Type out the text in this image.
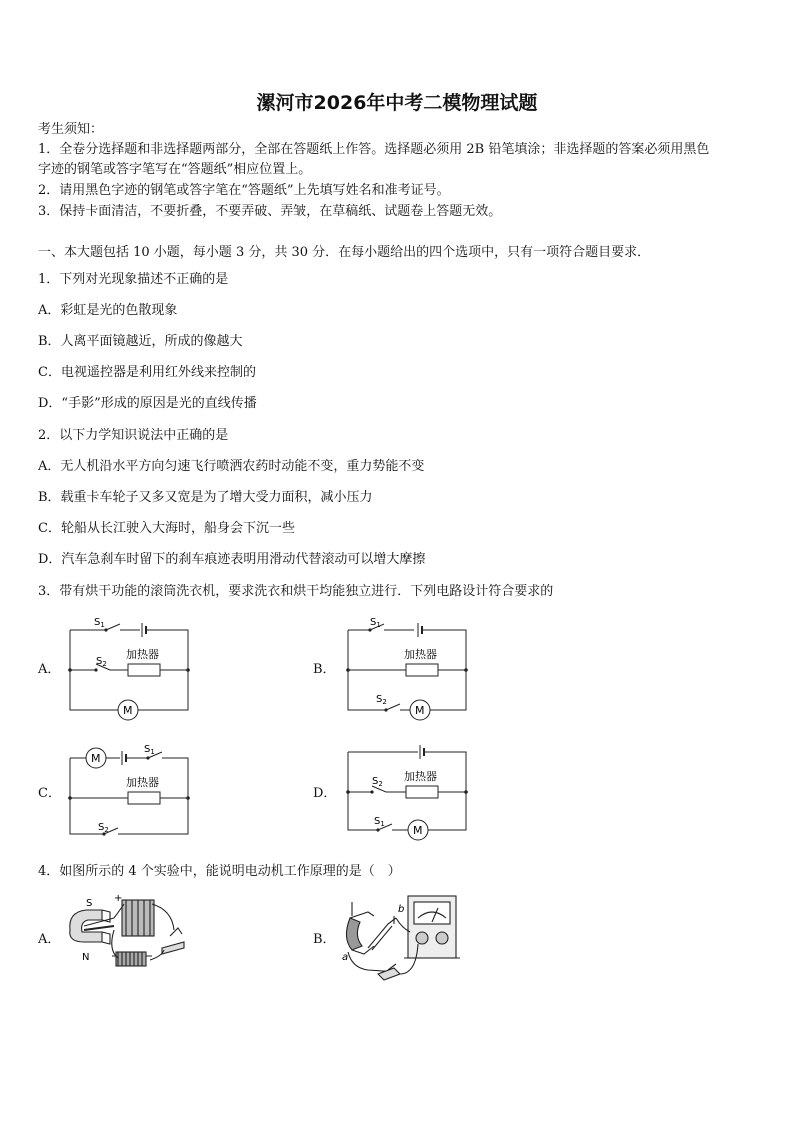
漯河市2026年中考二模物理试题
考生须知：
1．全卷分选择题和非选择题两部分，全部在答题纸上作答。选择题必须用 2B 铅笔填涂；非选择题的答案必须用黑色
字迹的钢笔或答字笔写在“答题纸”相应位置上。
2．请用黑色字迹的钢笔或答字笔在“答题纸”上先填写姓名和准考证号。
3．保持卡面清洁，不要折叠，不要弄破、弄皱，在草稿纸、试题卷上答题无效。
一、本大题包括 10 小题，每小题 3 分，共 30 分．在每小题给出的四个选项中，只有一项符合题目要求．
1．下列对光现象描述不正确的是
A．彩虹是光的色散现象
B．人离平面镜越近，所成的像越大
C．电视遥控器是利用红外线来控制的
D．“手影”形成的原因是光的直线传播
2．以下力学知识说法中正确的是
A．无人机沿水平方向匀速飞行喷洒农药时动能不变，重力势能不变
B．载重卡车轮子又多又宽是为了增大受力面积，减小压力
C．轮船从长江驶入大海时，船身会下沉一些
D．汽车急刹车时留下的刹车痕迹表明用滑动代替滚动可以增大摩擦
3．带有烘干功能的滚筒洗衣机，要求洗衣和烘干均能独立进行．下列电路设计符合要求的
A．
$S_1$
$S_2$
加热器
M
B．
$S_1$
$S_2$
加热器
M
C．
$S_1$
$S_2$
加热器
M
D．
$S_2$
$S_1$
加热器
M
4．如图所示的 4 个实验中，能说明电动机工作原理的是（　）
A．
S
N
+
B．
b
a
